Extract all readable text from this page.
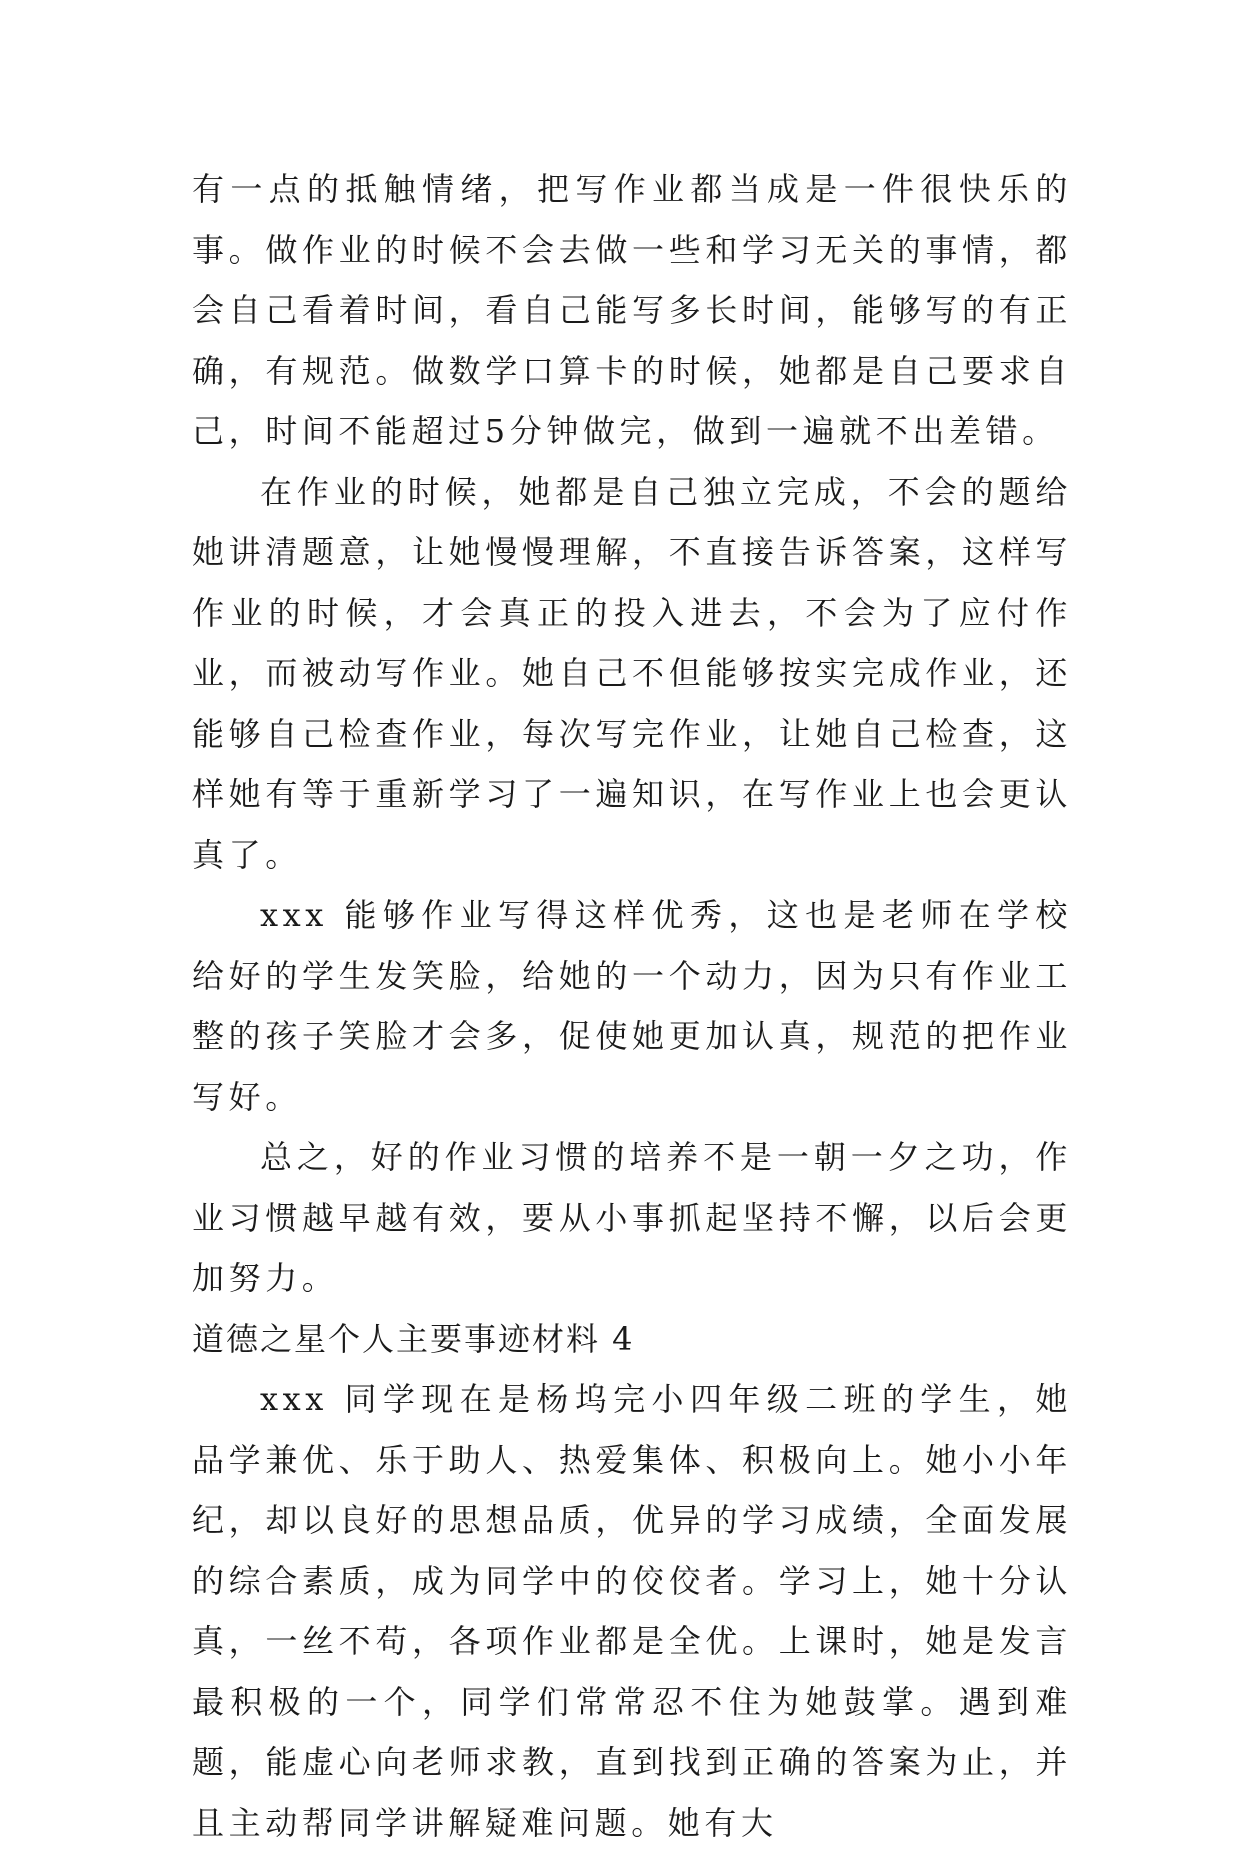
有一点的抵触情绪，把写作业都当成是一件很快乐的事。做作业的时候不会去做一些和学习无关的事情，都会自己看着时间，看自己能写多长时间，能够写的有正确，有规范。做数学口算卡的时候，她都是自己要求自己，时间不能超过5分钟做完，做到一遍就不出差错。

在作业的时候，她都是自己独立完成，不会的题给她讲清题意，让她慢慢理解，不直接告诉答案，这样写作业的时候，才会真正的投入进去，不会为了应付作业，而被动写作业。她自己不但能够按实完成作业，还能够自己检查作业，每次写完作业，让她自己检查，这样她有等于重新学习了一遍知识，在写作业上也会更认真了。

xxx 能够作业写得这样优秀，这也是老师在学校给好的学生发笑脸，给她的一个动力，因为只有作业工整的孩子笑脸才会多，促使她更加认真，规范的把作业写好。

总之，好的作业习惯的培养不是一朝一夕之功，作业习惯越早越有效，要从小事抓起坚持不懈，以后会更加努力。

道德之星个人主要事迹材料 4

xxx 同学现在是杨坞完小四年级二班的学生，她品学兼优、乐于助人、热爱集体、积极向上。她小小年纪，却以良好的思想品质，优异的学习成绩，全面发展的综合素质，成为同学中的佼佼者。学习上，她十分认真，一丝不苟，各项作业都是全优。上课时，她是发言最积极的一个，同学们常常忍不住为她鼓掌。遇到难题，能虚心向老师求教，直到找到正确的答案为止，并且主动帮同学讲解疑难问题。她有大
